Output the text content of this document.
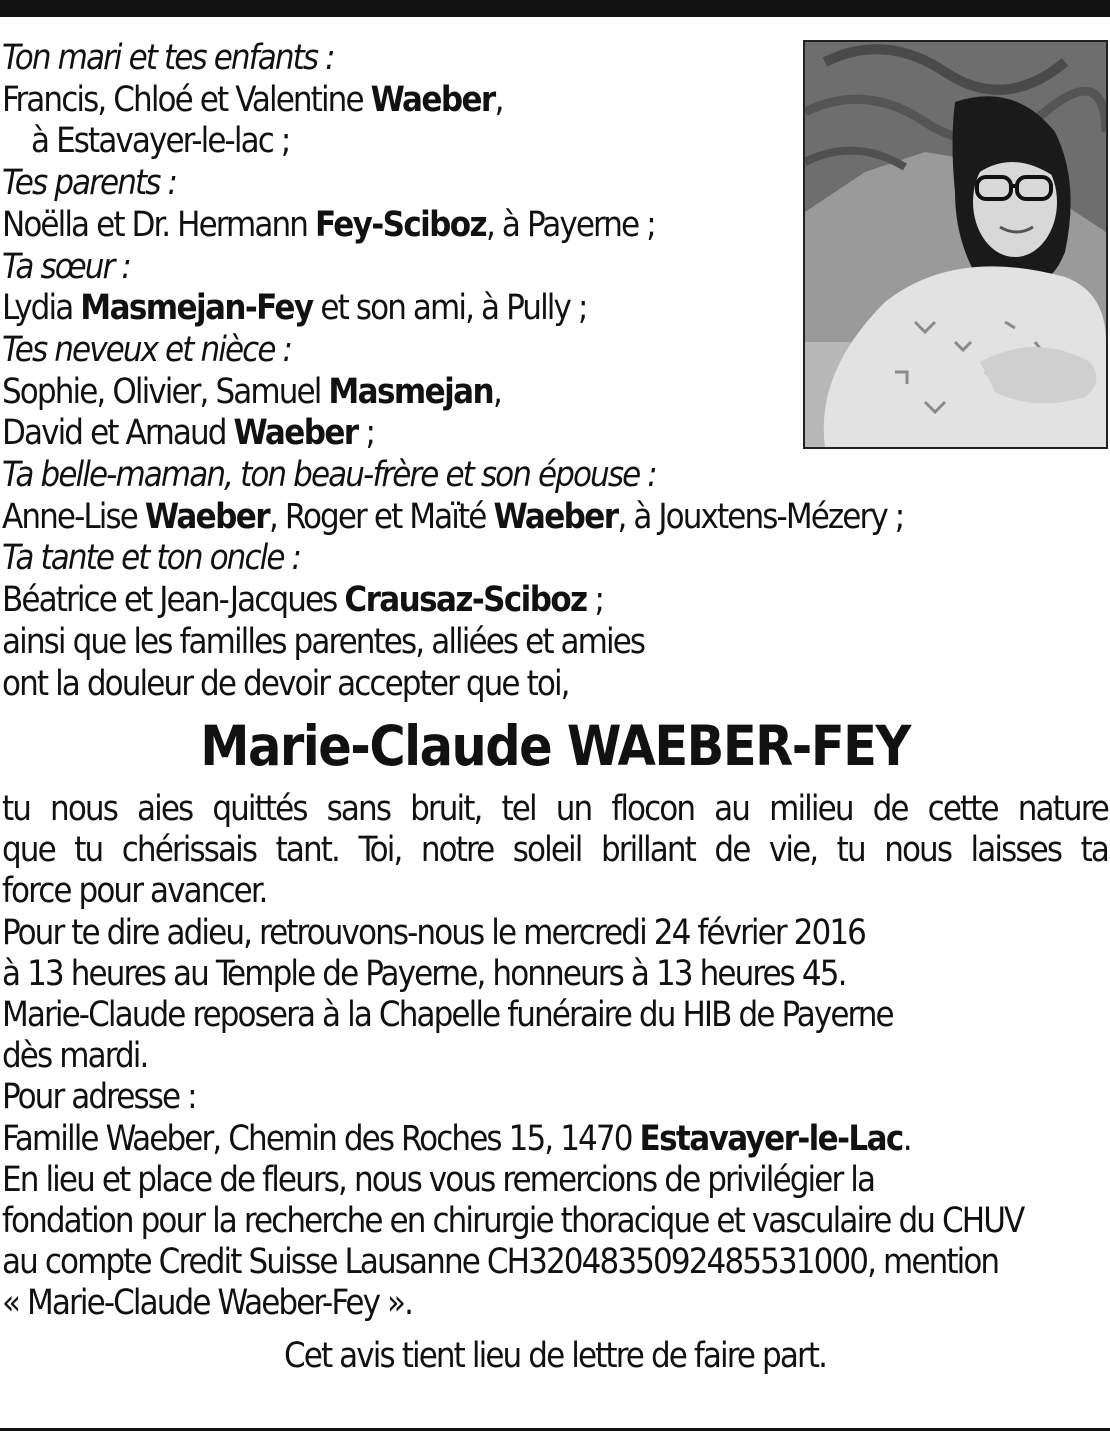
Ton mari et tes enfants :
Francis, Chloé et Valentine Waeber,
à Estavayer-le-lac ;
Tes parents :
Noëlla et Dr. Hermann Fey-Sciboz, à Payerne ;
Ta sœur :
Lydia Masmejan-Fey et son ami, à Pully ;
Tes neveux et nièce :
Sophie, Olivier, Samuel Masmejan,
David et Arnaud Waeber ;
Ta belle-maman, ton beau-frère et son épouse :
Anne-Lise Waeber, Roger et Maïté Waeber, à Jouxtens-Mézery ;
Ta tante et ton oncle :
Béatrice et Jean-Jacques Crausaz-Sciboz ;
ainsi que les familles parentes, alliées et amies
ont la douleur de devoir accepter que toi,
Marie-Claude WAEBER-FEY
tu nous aies quittés sans bruit, tel un flocon au milieu de cette nature
que tu chérissais tant. Toi, notre soleil brillant de vie, tu nous laisses ta
force pour avancer.
Pour te dire adieu, retrouvons-nous le mercredi 24 février 2016
à 13 heures au Temple de Payerne, honneurs à 13 heures 45.
Marie-Claude reposera à la Chapelle funéraire du HIB de Payerne
dès mardi.
Pour adresse :
Famille Waeber, Chemin des Roches 15, 1470 Estavayer-le-Lac.
En lieu et place de fleurs, nous vous remercions de privilégier la
fondation pour la recherche en chirurgie thoracique et vasculaire du CHUV
au compte Credit Suisse Lausanne CH3204835092485531000, mention
« Marie-Claude Waeber-Fey ».
Cet avis tient lieu de lettre de faire part.
